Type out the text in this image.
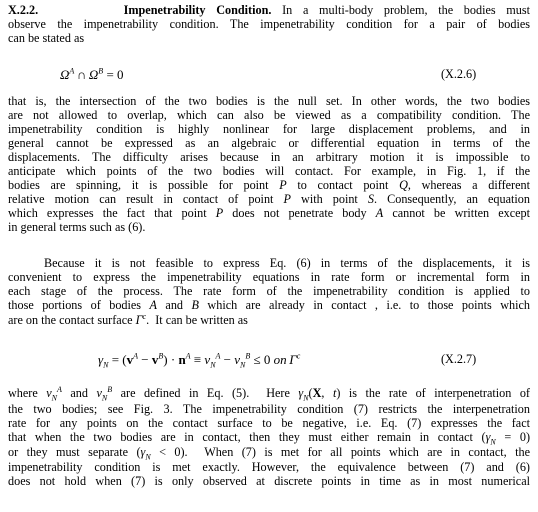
X.2.2.	Impenetrability Condition. In a multi-body problem, the bodies must
observe the impenetrability condition. The impenetrability condition for a pair of bodies
can be stated as
$\Omega^A$ ∩ $\Omega^B = 0$	(X.2.6)
that is, the intersection of the two bodies is the null set. In other words, the two bodies
are not allowed to overlap, which can also be viewed as a compatibility condition. The
impenetrability condition is highly nonlinear for large displacement problems, and in
general cannot be expressed as an algebraic or differential equation in terms of the
displacements. The difficulty arises because in an arbitrary motion it is impossible to
anticipate which points of the two bodies will contact. For example, in Fig. 1, if the
bodies are spinning, it is possible for point P to contact point Q, whereas a different
relative motion can result in contact of point P with point S. Consequently, an equation
which expresses the fact that point P does not penetrate body A cannot be written except
in general terms such as (6).
Because it is not feasible to express Eq. (6) in terms of the displacements, it is
convenient to express the impenetrability equations in rate form or incremental form in
each stage of the process. The rate form of the impenetrability condition is applied to
those portions of bodies A and B which are already in contact , i.e. to those points which
are on the contact surface $\Gamma^c$.  It can be written as
$\gamma_N = (v^A - v^B) \cdot n^A \equiv v_N^A - v_N^B \le 0$ on  $\Gamma^c$	(X.2.7)
where $v_N^A$ and $v_N^B$ are defined in Eq. (5).  Here $\gamma_N(X$, t) is the rate of interpenetration of
the two bodies; see Fig. 3. The impenetrability condition (7) restricts the interpenetration
rate for any points on the contact surface to be negative, i.e. Eq. (7) expresses the fact
that when the two bodies are in contact, then they must either remain in contact $(\gamma_N = 0)$
or they must separate $(\gamma_N < 0)$.  When (7) is met for all points which are in contact, the
impenetrability condition is met exactly. However, the equivalence between (7) and (6)
does not hold when (7) is only observed at discrete points in time as in most numerical
